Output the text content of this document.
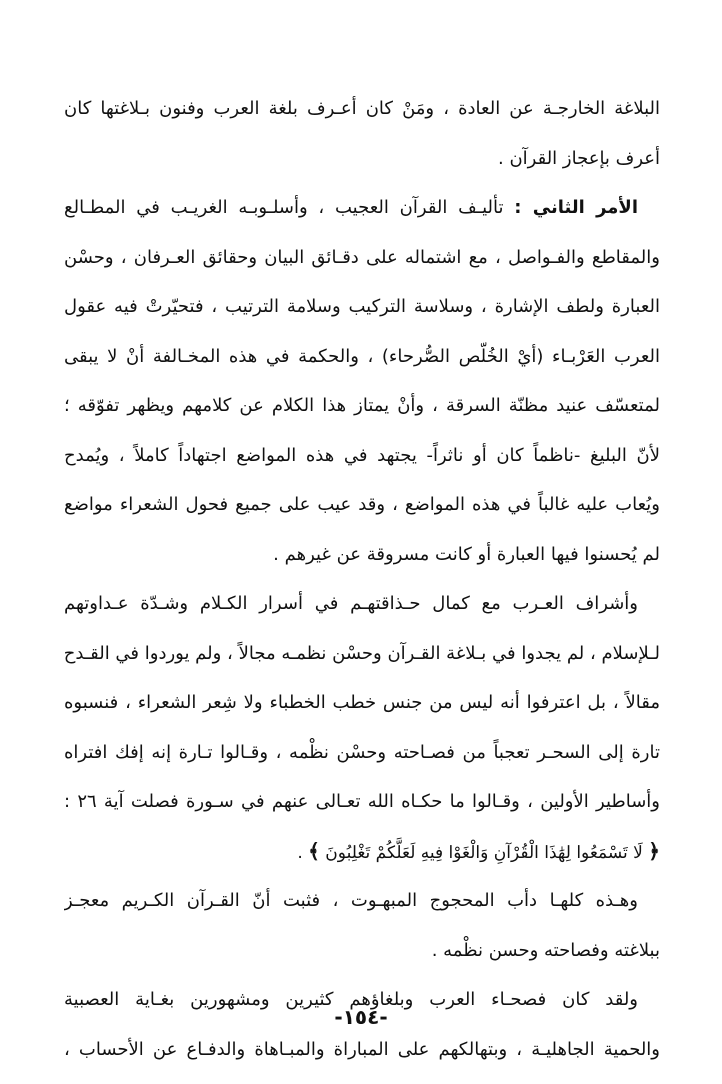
البلاغة الخارجـة عن العادة ، ومَنْ كان أعـرف بلغة العرب وفنون بـلاغتها كان
أعرف بإعجاز القرآن .
الأمر الثاني : تأليـف القرآن العجيب ، وأسلـوبـه الغريـب في المطـالع
والمقاطع والفـواصل ، مع اشتماله على دقـائق البيان وحقائق العـرفان ، وحسْن
العبارة ولطف الإشارة ، وسلاسة التركيب وسلامة الترتيب ، فتحيّرتْ فيه عقول
العرب العَرْبـاء (أيْ الخُلّص الصُّرحاء) ، والحكمة في هذه المخـالفة أنْ لا يبقى
لمتعسّف عنيد مظنّة السرقة ، وأنْ يمتاز هذا الكلام عن كلامهم ويظهر تفوّقه ؛
لأنّ البليغ -ناظماً كان أو ناثراً- يجتهد في هذه المواضع اجتهاداً كاملاً ، ويُمدح
ويُعاب عليه غالباً في هذه المواضع ، وقد عيب على جميع فحول الشعراء مواضع
لم يُحسنوا فيها العبارة أو كانت مسروقة عن غيرهم .
وأشراف العـرب مع كمال حـذاقتهـم في أسرار الكـلام وشـدّة عـداوتهم
لـلإسلام ، لم يجدوا في بـلاغة القـرآن وحسْن نظمـه مجالاً ، ولم يوردوا في القـدح
مقالاً ، بل اعترفوا أنه ليس من جنس خطب الخطباء ولا شِعر الشعراء ، فنسبوه
تارة إلى السحـر تعجباً من فصـاحته وحسْن نظْمه ، وقـالوا تـارة إنه إفك افتراه
وأساطير الأولين ، وقـالوا ما حكـاه الله تعـالى عنهم في سـورة فصلت آية ٢٦ :
﴿ لَا تَسْمَعُوا لِهَٰذَا الْقُرْآنِ وَالْغَوْا فِيهِ لَعَلَّكُمْ تَغْلِبُونَ ﴾ .
وهـذه كلهـا دأب المحجوج المبهـوت ، فثبت أنّ القـرآن الكـريم معجـز
ببلاغته وفصاحته وحسن نظْمه .
ولقد كان فصحـاء العرب وبلغاؤهم كثيرين ومشهورين بغـاية العصبية
والحمية الجاهليـة ، وبتهالكهم على المباراة والمبـاهاة والدفـاع عن الأحساب ،
-١٥٤-
